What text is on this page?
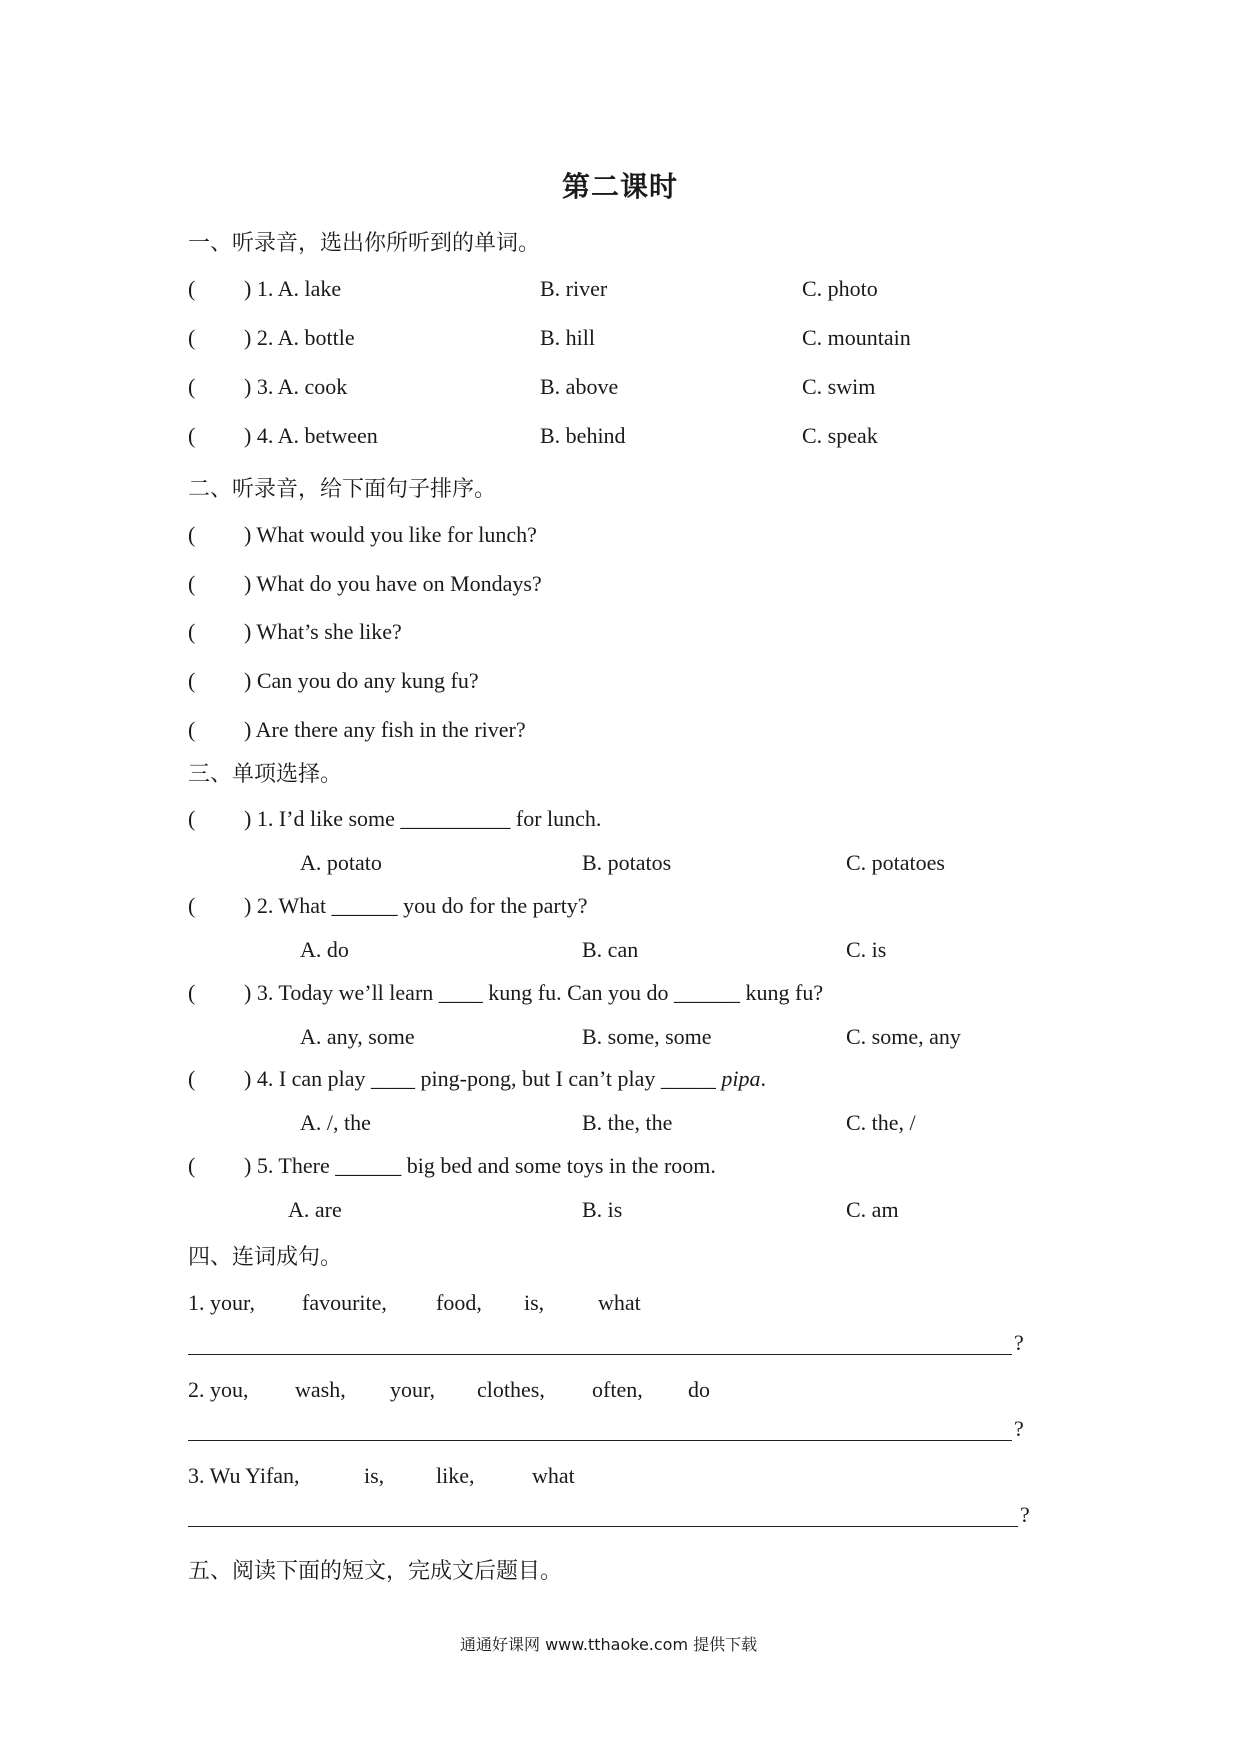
第二课时
一、听录音，选出你所听到的单词。
( ) 1. A. lake	B. river	C. photo
( ) 2. A. bottle	B. hill	C. mountain
( ) 3. A. cook	B. above	C. swim
( ) 4. A. between	B. behind	C. speak
二、听录音，给下面句子排序。
( ) What would you like for lunch?
( ) What do you have on Mondays?
( ) What’s she like?
( ) Can you do any kung fu?
( ) Are there any fish in the river?
三、单项选择。
( ) 1. I’d like some __________ for lunch.
A. potato	B. potatos	C. potatoes
( ) 2. What ______ you do for the party?
A. do	B. can	C. is
( ) 3. Today we’ll learn ____ kung fu. Can you do ______ kung fu?
A. any, some	B. some, some	C. some, any
( ) 4. I can play ____ ping-pong, but I can’t play _____ pipa.
A. /, the	B. the, the	C. the, /
( ) 5. There ______ big bed and some toys in the room.
A. are	B. is	C. am
四、连词成句。
1. your, favourite, food, is, what
?
2. you, wash, your, clothes, often, do
?
3. Wu Yifan,	is, like,	what
?
五、阅读下面的短文，完成文后题目。
通通好课网 www.tthaoke.com 提供下载
